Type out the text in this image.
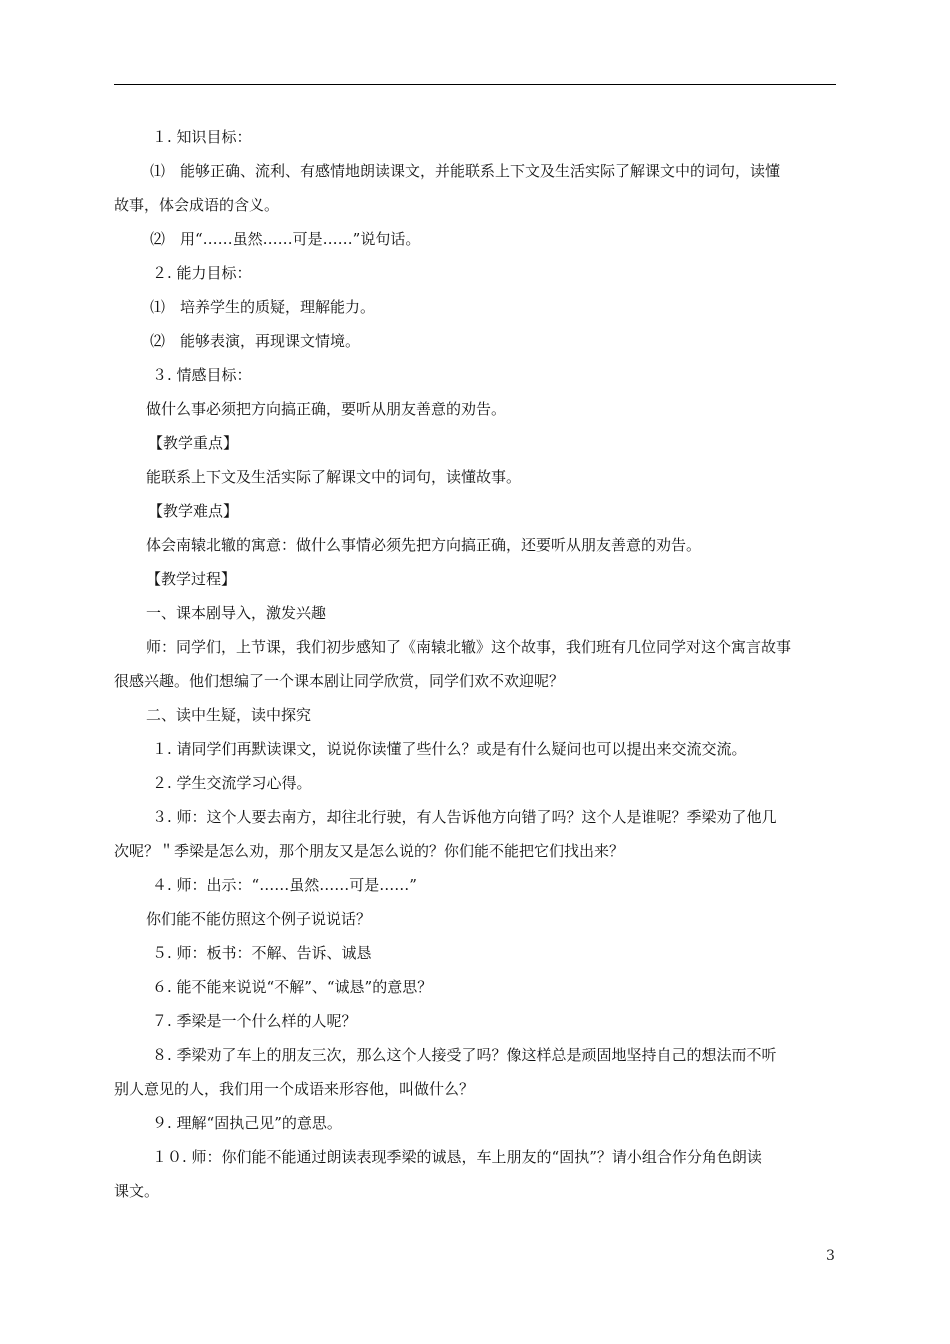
１. 知识目标：

⑴　能够正确、流利、有感情地朗读课文，并能联系上下文及生活实际了解课文中的词句，读懂

故事，体会成语的含义。

⑵　用“……虽然……可是……”说句话。

２. 能力目标：

⑴　培养学生的质疑，理解能力。

⑵　能够表演，再现课文情境。

３. 情感目标：

做什么事必须把方向搞正确，要听从朋友善意的劝告。

【教学重点】

能联系上下文及生活实际了解课文中的词句，读懂故事。

【教学难点】

体会南辕北辙的寓意：做什么事情必须先把方向搞正确，还要听从朋友善意的劝告。

【教学过程】

一、课本剧导入，激发兴趣

师：同学们，上节课，我们初步感知了《南辕北辙》这个故事，我们班有几位同学对这个寓言故事

很感兴趣。他们想编了一个课本剧让同学欣赏，同学们欢不欢迎呢？

二、读中生疑，读中探究

１. 请同学们再默读课文，说说你读懂了些什么？或是有什么疑问也可以提出来交流交流。

２. 学生交流学习心得。

３. 师：这个人要去南方，却往北行驶，有人告诉他方向错了吗？这个人是谁呢？季梁劝了他几

次呢？＂季梁是怎么劝，那个朋友又是怎么说的？你们能不能把它们找出来？

４. 师：出示：“……虽然……可是……”

你们能不能仿照这个例子说说话？

５. 师：板书：不解、告诉、诚恳

６. 能不能来说说“不解”、“诚恳”的意思？

７. 季梁是一个什么样的人呢？

８. 季梁劝了车上的朋友三次，那么这个人接受了吗？像这样总是顽固地坚持自己的想法而不听

别人意见的人，我们用一个成语来形容他，叫做什么？

９. 理解“固执己见”的意思。

１０. 师：你们能不能通过朗读表现季梁的诚恳，车上朋友的“固执”？请小组合作分角色朗读

课文。

3
